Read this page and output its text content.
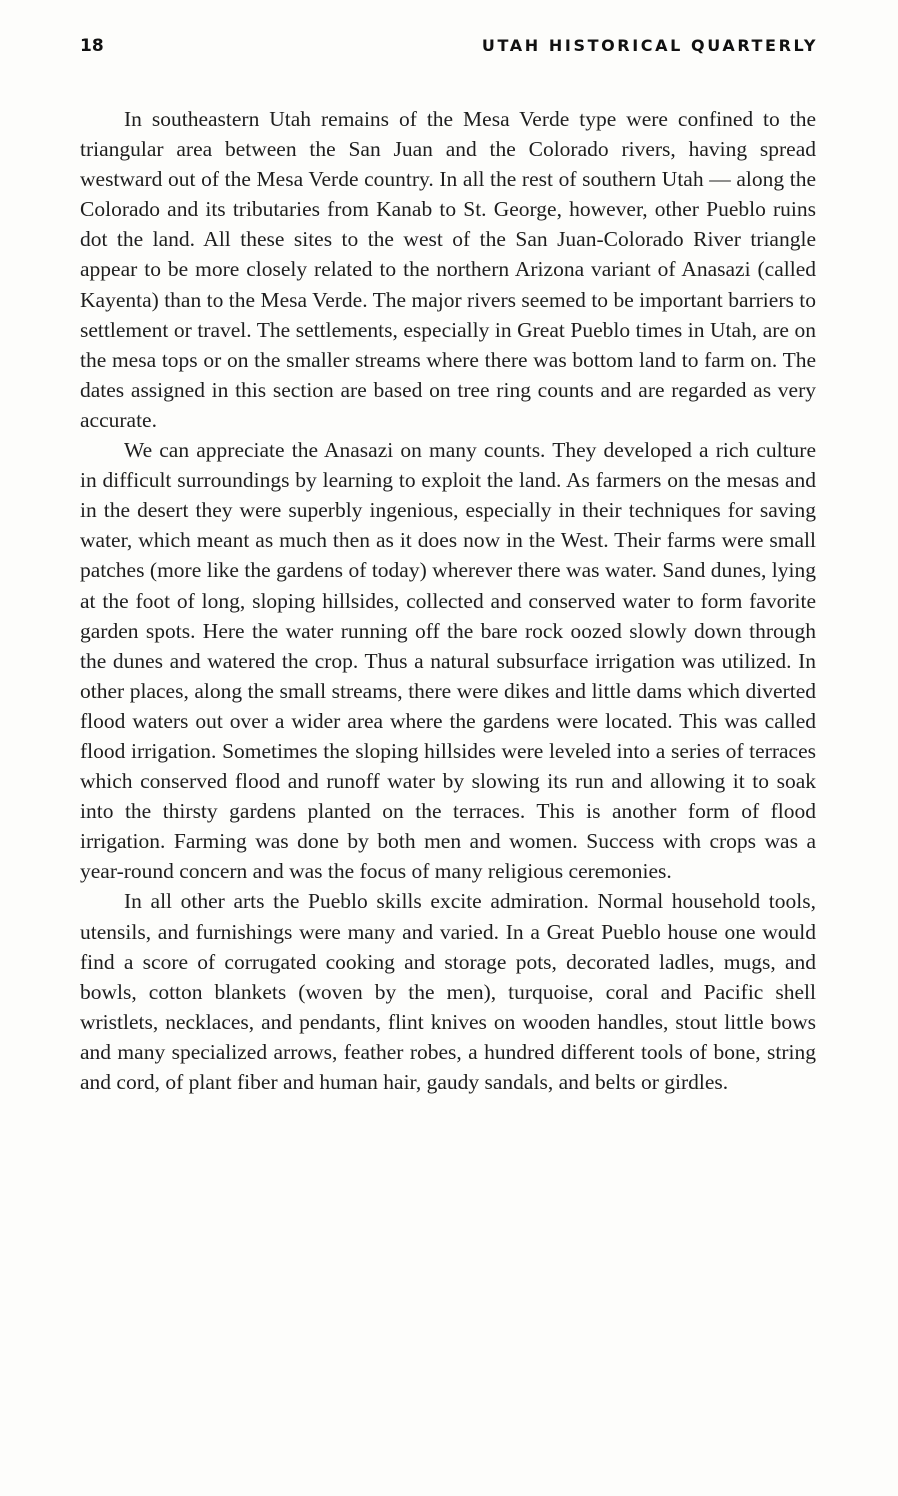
18	UTAH HISTORICAL QUARTERLY

In southeastern Utah remains of the Mesa Verde type were confined to the triangular area between the San Juan and the Colorado rivers, having spread westward out of the Mesa Verde country. In all the rest of southern Utah — along the Colorado and its tributaries from Kanab to St. George, however, other Pueblo ruins dot the land. All these sites to the west of the San Juan-Colorado River triangle appear to be more closely related to the northern Arizona variant of Anasazi (called Kayenta) than to the Mesa Verde. The major rivers seemed to be important barriers to settlement or travel. The settlements, especially in Great Pueblo times in Utah, are on the mesa tops or on the smaller streams where there was bottom land to farm on. The dates assigned in this section are based on tree ring counts and are regarded as very accurate.

We can appreciate the Anasazi on many counts. They developed a rich culture in difficult surroundings by learning to exploit the land. As farmers on the mesas and in the desert they were superbly ingenious, especially in their techniques for saving water, which meant as much then as it does now in the West. Their farms were small patches (more like the gardens of today) wherever there was water. Sand dunes, lying at the foot of long, sloping hillsides, collected and conserved water to form favorite garden spots. Here the water running off the bare rock oozed slowly down through the dunes and watered the crop. Thus a natural subsurface irrigation was utilized. In other places, along the small streams, there were dikes and little dams which diverted flood waters out over a wider area where the gardens were located. This was called flood irrigation. Sometimes the sloping hillsides were leveled into a series of terraces which conserved flood and runoff water by slowing its run and allowing it to soak into the thirsty gardens planted on the terraces. This is another form of flood irrigation. Farming was done by both men and women. Success with crops was a year-round concern and was the focus of many religious ceremonies.

In all other arts the Pueblo skills excite admiration. Normal household tools, utensils, and furnishings were many and varied. In a Great Pueblo house one would find a score of corrugated cooking and storage pots, decorated ladles, mugs, and bowls, cotton blankets (woven by the men), turquoise, coral and Pacific shell wristlets, necklaces, and pendants, flint knives on wooden handles, stout little bows and many specialized arrows, feather robes, a hundred different tools of bone, string and cord, of plant fiber and human hair, gaudy sandals, and belts or girdles.
